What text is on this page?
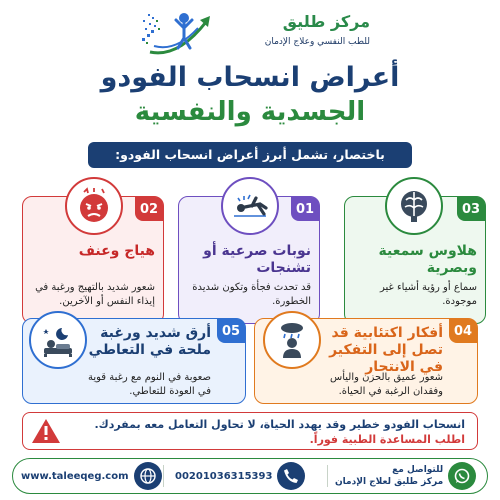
مركز طليق
للطب النفسي وعلاج الإدمان
أعراض انسحاب الفودو
الجسدية والنفسية
باختصار، تشمل أبرز أعراض انسحاب الفودو:
03
هلاوس سمعية وبصرية
سماع أو رؤية أشياء غير موجودة.
01
نوبات صرعية أو تشنجات
قد تحدث فجأة وتكون شديدة الخطورة.
02
هياج وعنف
شعور شديد بالتهيج ورغبة في إيذاء النفس أو الآخرين.
04
أفكار اكتئابية قد تصل إلى التفكير في الانتحار
شعور عميق بالحزن واليأس وفقدان الرغبة في الحياة.
05
أرق شديد ورغبة ملحة في التعاطي
صعوبة في النوم مع رغبة قوية في العودة للتعاطي.
انسحاب الفودو خطير وقد يهدد الحياة، لا تحاول التعامل معه بمفردك.
اطلب المساعدة الطبية فوراً.
www.taleeqeg.com	00201036315393
للتواصل مع
مركز طليق لعلاج الإدمان
